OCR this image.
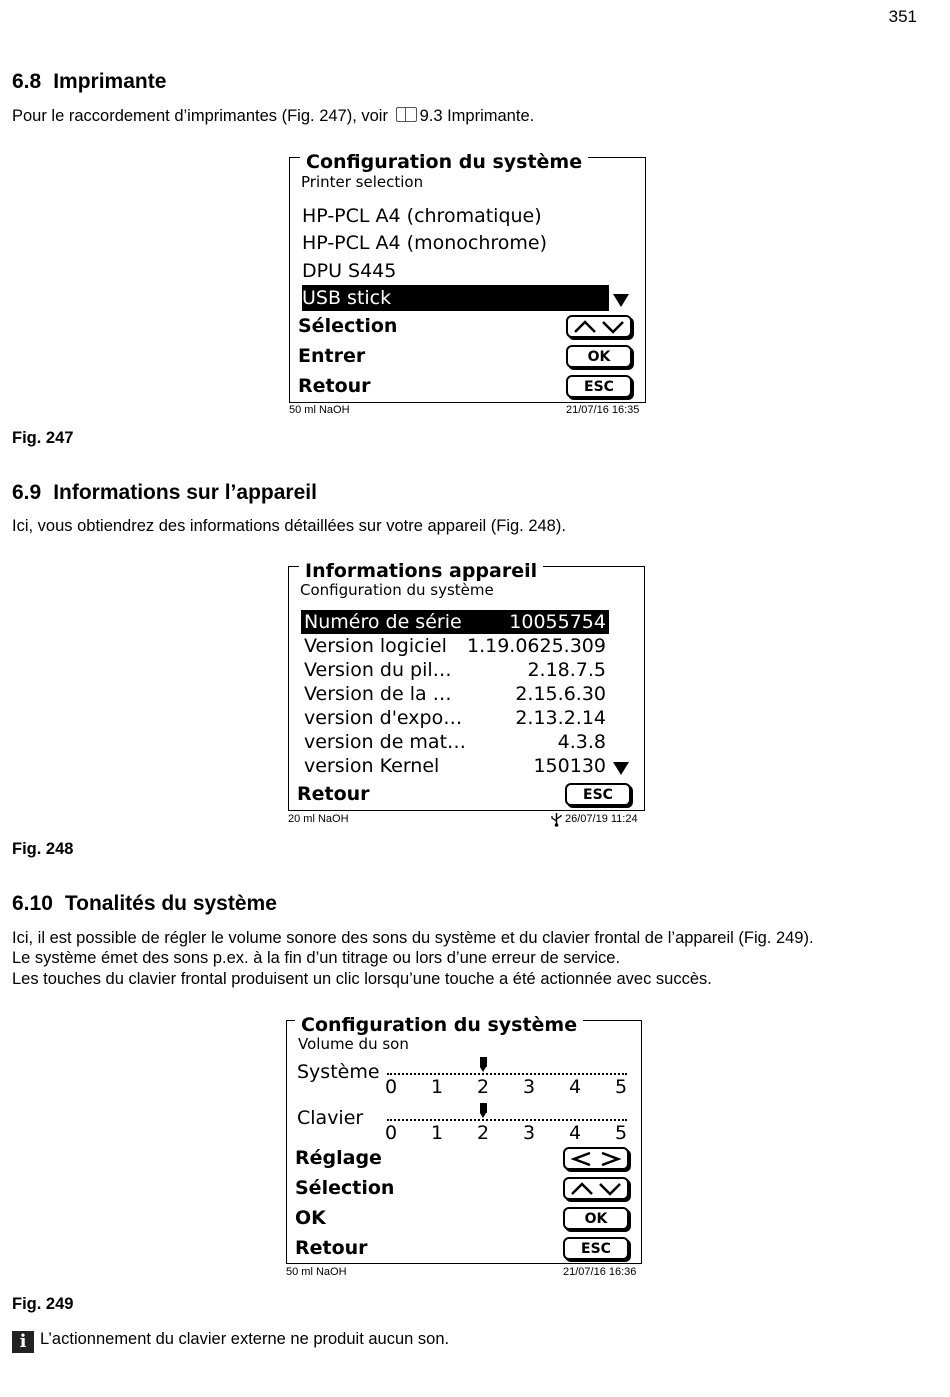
351
6.8 Imprimante
Pour le raccordement d’imprimantes (Fig. 247), voir 9.3 Imprimante.
Configuration du système
Printer selection
HP-PCL A4 (chromatique)
HP-PCL A4 (monochrome)
DPU S445
USB stick
Sélection
Entrer	OK
Retour	ESC
50 ml NaOH	21/07/16 16:35
Fig. 247
6.9 Informations sur l’appareil
Ici, vous obtiendrez des informations détaillées sur votre appareil (Fig. 248).
Informations appareil
Configuration du système
Numéro de série	10055754
Version logiciel 1.19.0625.309
Version du pil…	2.18.7.5
Version de la …	2.15.6.30
version d'expo…	2.13.2.14
version de mat…	4.3.8
version Kernel	150130
Retour	ESC
20 ml NaOH	26/07/19 11:24
Fig. 248
6.10 Tonalités du système
Ici, il est possible de régler le volume sonore des sons du système et du clavier frontal de l’appareil (Fig. 249).
Le système émet des sons p.ex. à la fin d’un titrage ou lors d’une erreur de service.
Les touches du clavier frontal produisent un clic lorsqu’une touche a été actionnée avec succès.
Configuration du système
Volume du son
Système
0 1 2 3 4 5
Clavier
0 1 2 3 4 5
Réglage
Sélection
OK	OK
Retour	ESC
50 ml NaOH	21/07/16 16:36
Fig. 249
i L’actionnement du clavier externe ne produit aucun son.
